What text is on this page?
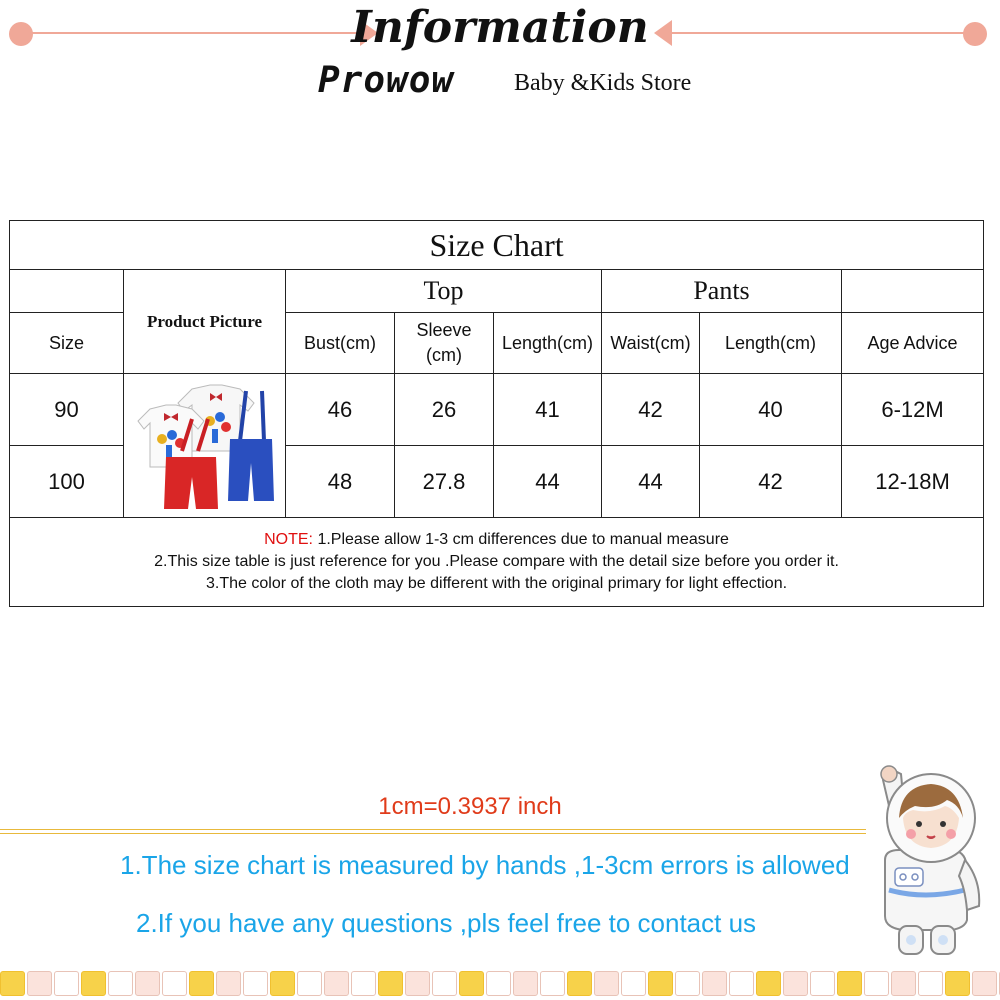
Information
Prowow Baby &Kids Store
Size Chart							
	Product Picture	Top			Pants		
Size		Bust(cm)	Sleeve (cm)	Length(cm)	Waist(cm)	Length(cm)	Age Advice
90		46	26	41	42	40	6-12M
100		48	27.8	44	44	42	12-18M

NOTE: 1.Please allow 1-3 cm differences due to manual measure
2.This size table is just reference for you .Please compare with the detail size before you order it.
3.The color of the cloth may be different with the original primary for light effection.							
1cm=0.3937 inch
1.The size chart is measured by hands ,1-3cm errors is allowed
2.If you have any questions ,pls feel free to contact us
